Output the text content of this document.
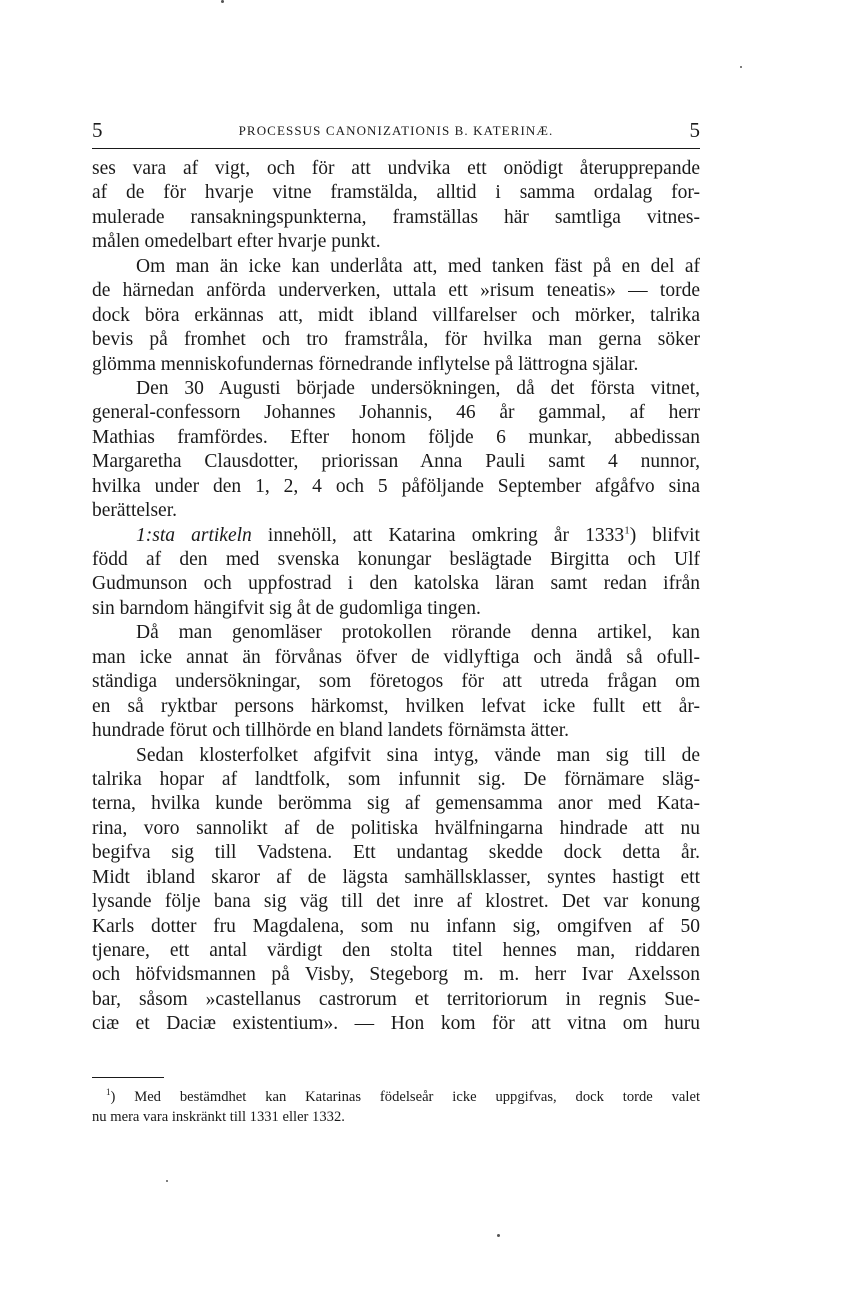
5	PROCESSUS CANONIZATIONIS B. KATERINÆ.	5
ses vara af vigt, och för att undvika ett onödigt återupprepande
af de för hvarje vitne framstälda, alltid i samma ordalag for-
mulerade ransakningspunkterna, framställas här samtliga vitnes-
målen omedelbart efter hvarje punkt.
Om man än icke kan underlåta att, med tanken fäst på en del af
de härnedan anförda underverken, uttala ett »risum teneatis» — torde
dock böra erkännas att, midt ibland villfarelser och mörker, talrika
bevis på fromhet och tro framstråla, för hvilka man gerna söker
glömma menniskofundernas förnedrande inflytelse på lättrogna själar.
Den 30 Augusti började undersökningen, då det första vitnet,
general-confessorn Johannes Johannis, 46 år gammal, af herr
Mathias framfördes. Efter honom följde 6 munkar, abbedissan
Margaretha Clausdotter, priorissan Anna Pauli samt 4 nunnor,
hvilka under den 1, 2, 4 och 5 påföljande September afgåfvo sina
berättelser.
1:sta artikeln innehöll, att Katarina omkring år 1333$^1$) blifvit
född af den med svenska konungar beslägtade Birgitta och Ulf
Gudmunson och uppfostrad i den katolska läran samt redan ifrån
sin barndom hängifvit sig åt de gudomliga tingen.
Då man genomläser protokollen rörande denna artikel, kan
man icke annat än förvånas öfver de vidlyftiga och ändå så ofull-
ständiga undersökningar, som företogos för att utreda frågan om
en så ryktbar persons härkomst, hvilken lefvat icke fullt ett år-
hundrade förut och tillhörde en bland landets förnämsta ätter.
Sedan klosterfolket afgifvit sina intyg, vände man sig till de
talrika hopar af landtfolk, som infunnit sig. De förnämare släg-
terna, hvilka kunde berömma sig af gemensamma anor med Kata-
rina, voro sannolikt af de politiska hvälfningarna hindrade att nu
begifva sig till Vadstena. Ett undantag skedde dock detta år.
Midt ibland skaror af de lägsta samhällsklasser, syntes hastigt ett
lysande följe bana sig väg till det inre af klostret. Det var konung
Karls dotter fru Magdalena, som nu infann sig, omgifven af 50
tjenare, ett antal värdigt den stolta titel hennes man, riddaren
och höfvidsmannen på Visby, Stegeborg m. m. herr Ivar Axelsson
bar, såsom »castellanus castrorum et territoriorum in regnis Sue-
ciæ et Daciæ existentium». — Hon kom för att vitna om huru
$^1$) Med bestämdhet kan Katarinas födelseår icke uppgifvas, dock torde valet
nu mera vara inskränkt till 1331 eller 1332.
